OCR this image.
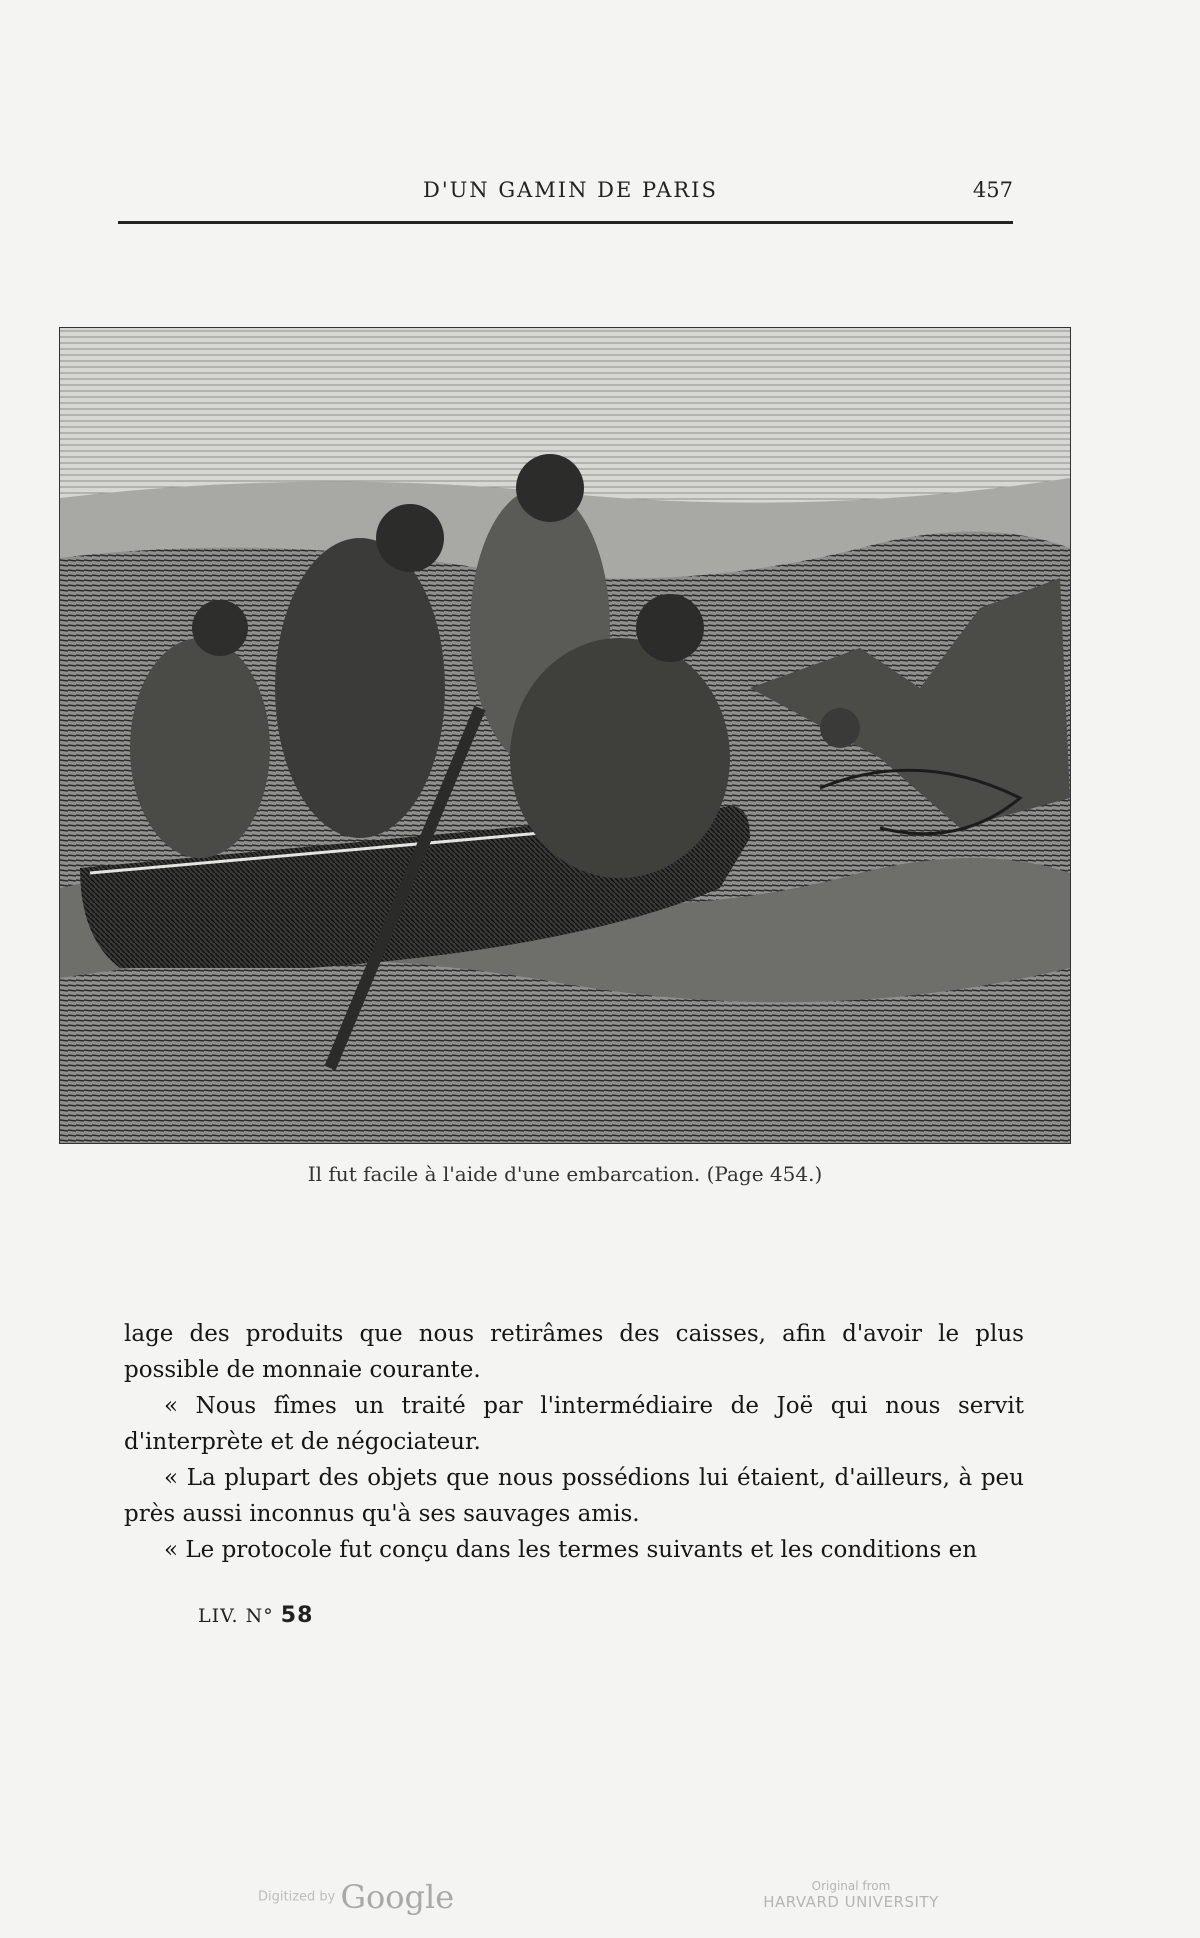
D'UN GAMIN DE PARIS	457
Il fut facile à l'aide d'une embarcation. (Page 454.)

lage des produits que nous retirâmes des caisses, afin d'avoir le plus possible de monnaie courante.

« Nous fîmes un traité par l'intermédiaire de Joë qui nous servit d'interprète et de négociateur.

« La plupart des objets que nous possédions lui étaient, d'ailleurs, à peu près aussi inconnus qu'à ses sauvages amis.

« Le protocole fut conçu dans les termes suivants et les conditions en

LIV. N° 58
Digitized by Google	Original from
HARVARD UNIVERSITY
